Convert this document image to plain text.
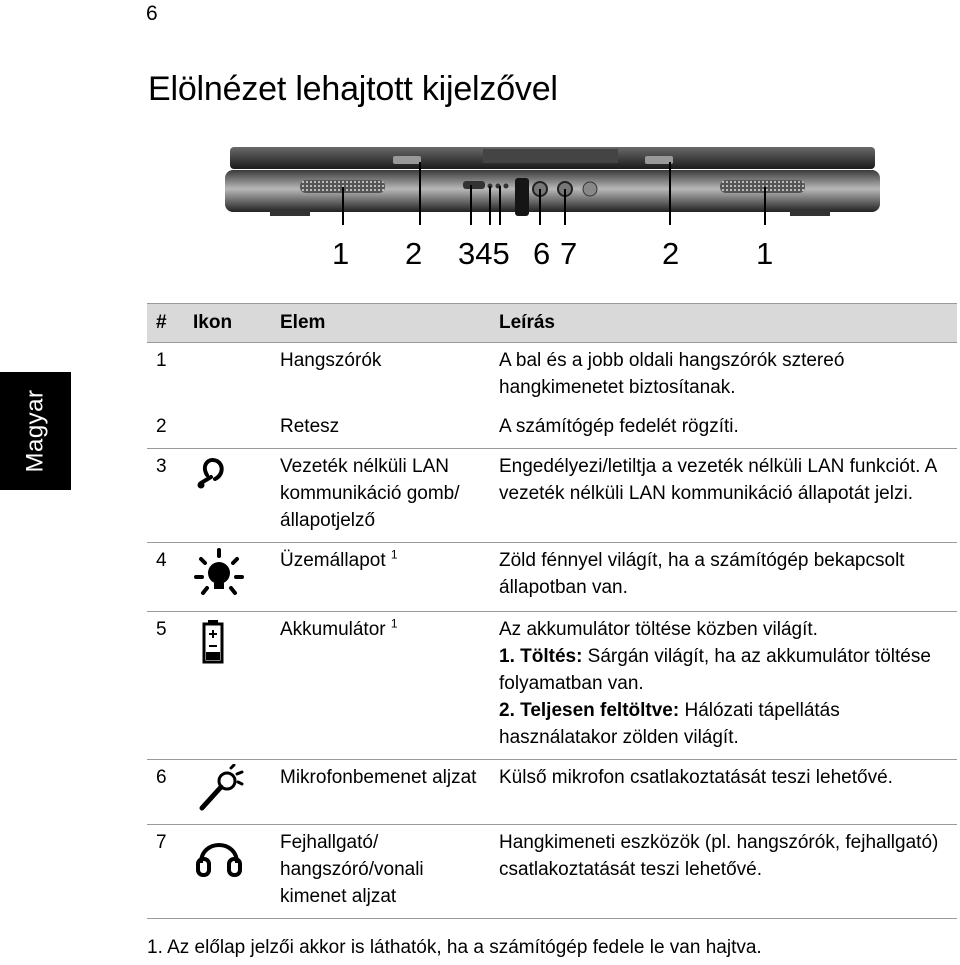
6
Elölnézet lehajtott kijelzővel
Magyar
1 2 345 6 7	2 1
#	Ikon	Elem	Leírás
1		Hangszórók	A bal és a jobb oldali hangszórók sztereó hangkimenetet biztosítanak.
2		Retesz	A számítógép fedelét rögzíti.
3		Vezeték nélküli LAN kommunikáció gomb/ állapotjelző	Engedélyezi/letiltja a vezeték nélküli LAN funkciót. A vezeték nélküli LAN kommunikáció állapotát jelzi.
4		Üzemállapot $^1$	Zöld fénnyel világít, ha a számítógép bekapcsolt állapotban van.
5		Akkumulátor $^1$	Az akkumulátor töltése közben világít.
1. Töltés: Sárgán világít, ha az akkumulátor töltése folyamatban van.
2. Teljesen feltöltve: Hálózati tápellátás használatakor zölden világít.

6		Mikrofonbemenet aljzat	Külső mikrofon csatlakoztatását teszi lehetővé.
7		Fejhallgató/ hangszóró/vonali kimenet aljzat	Hangkimeneti eszközök (pl. hangszórók, fejhallgató) csatlakoztatását teszi lehetővé.
1. Az előlap jelzői akkor is láthatók, ha a számítógép fedele le van hajtva.
